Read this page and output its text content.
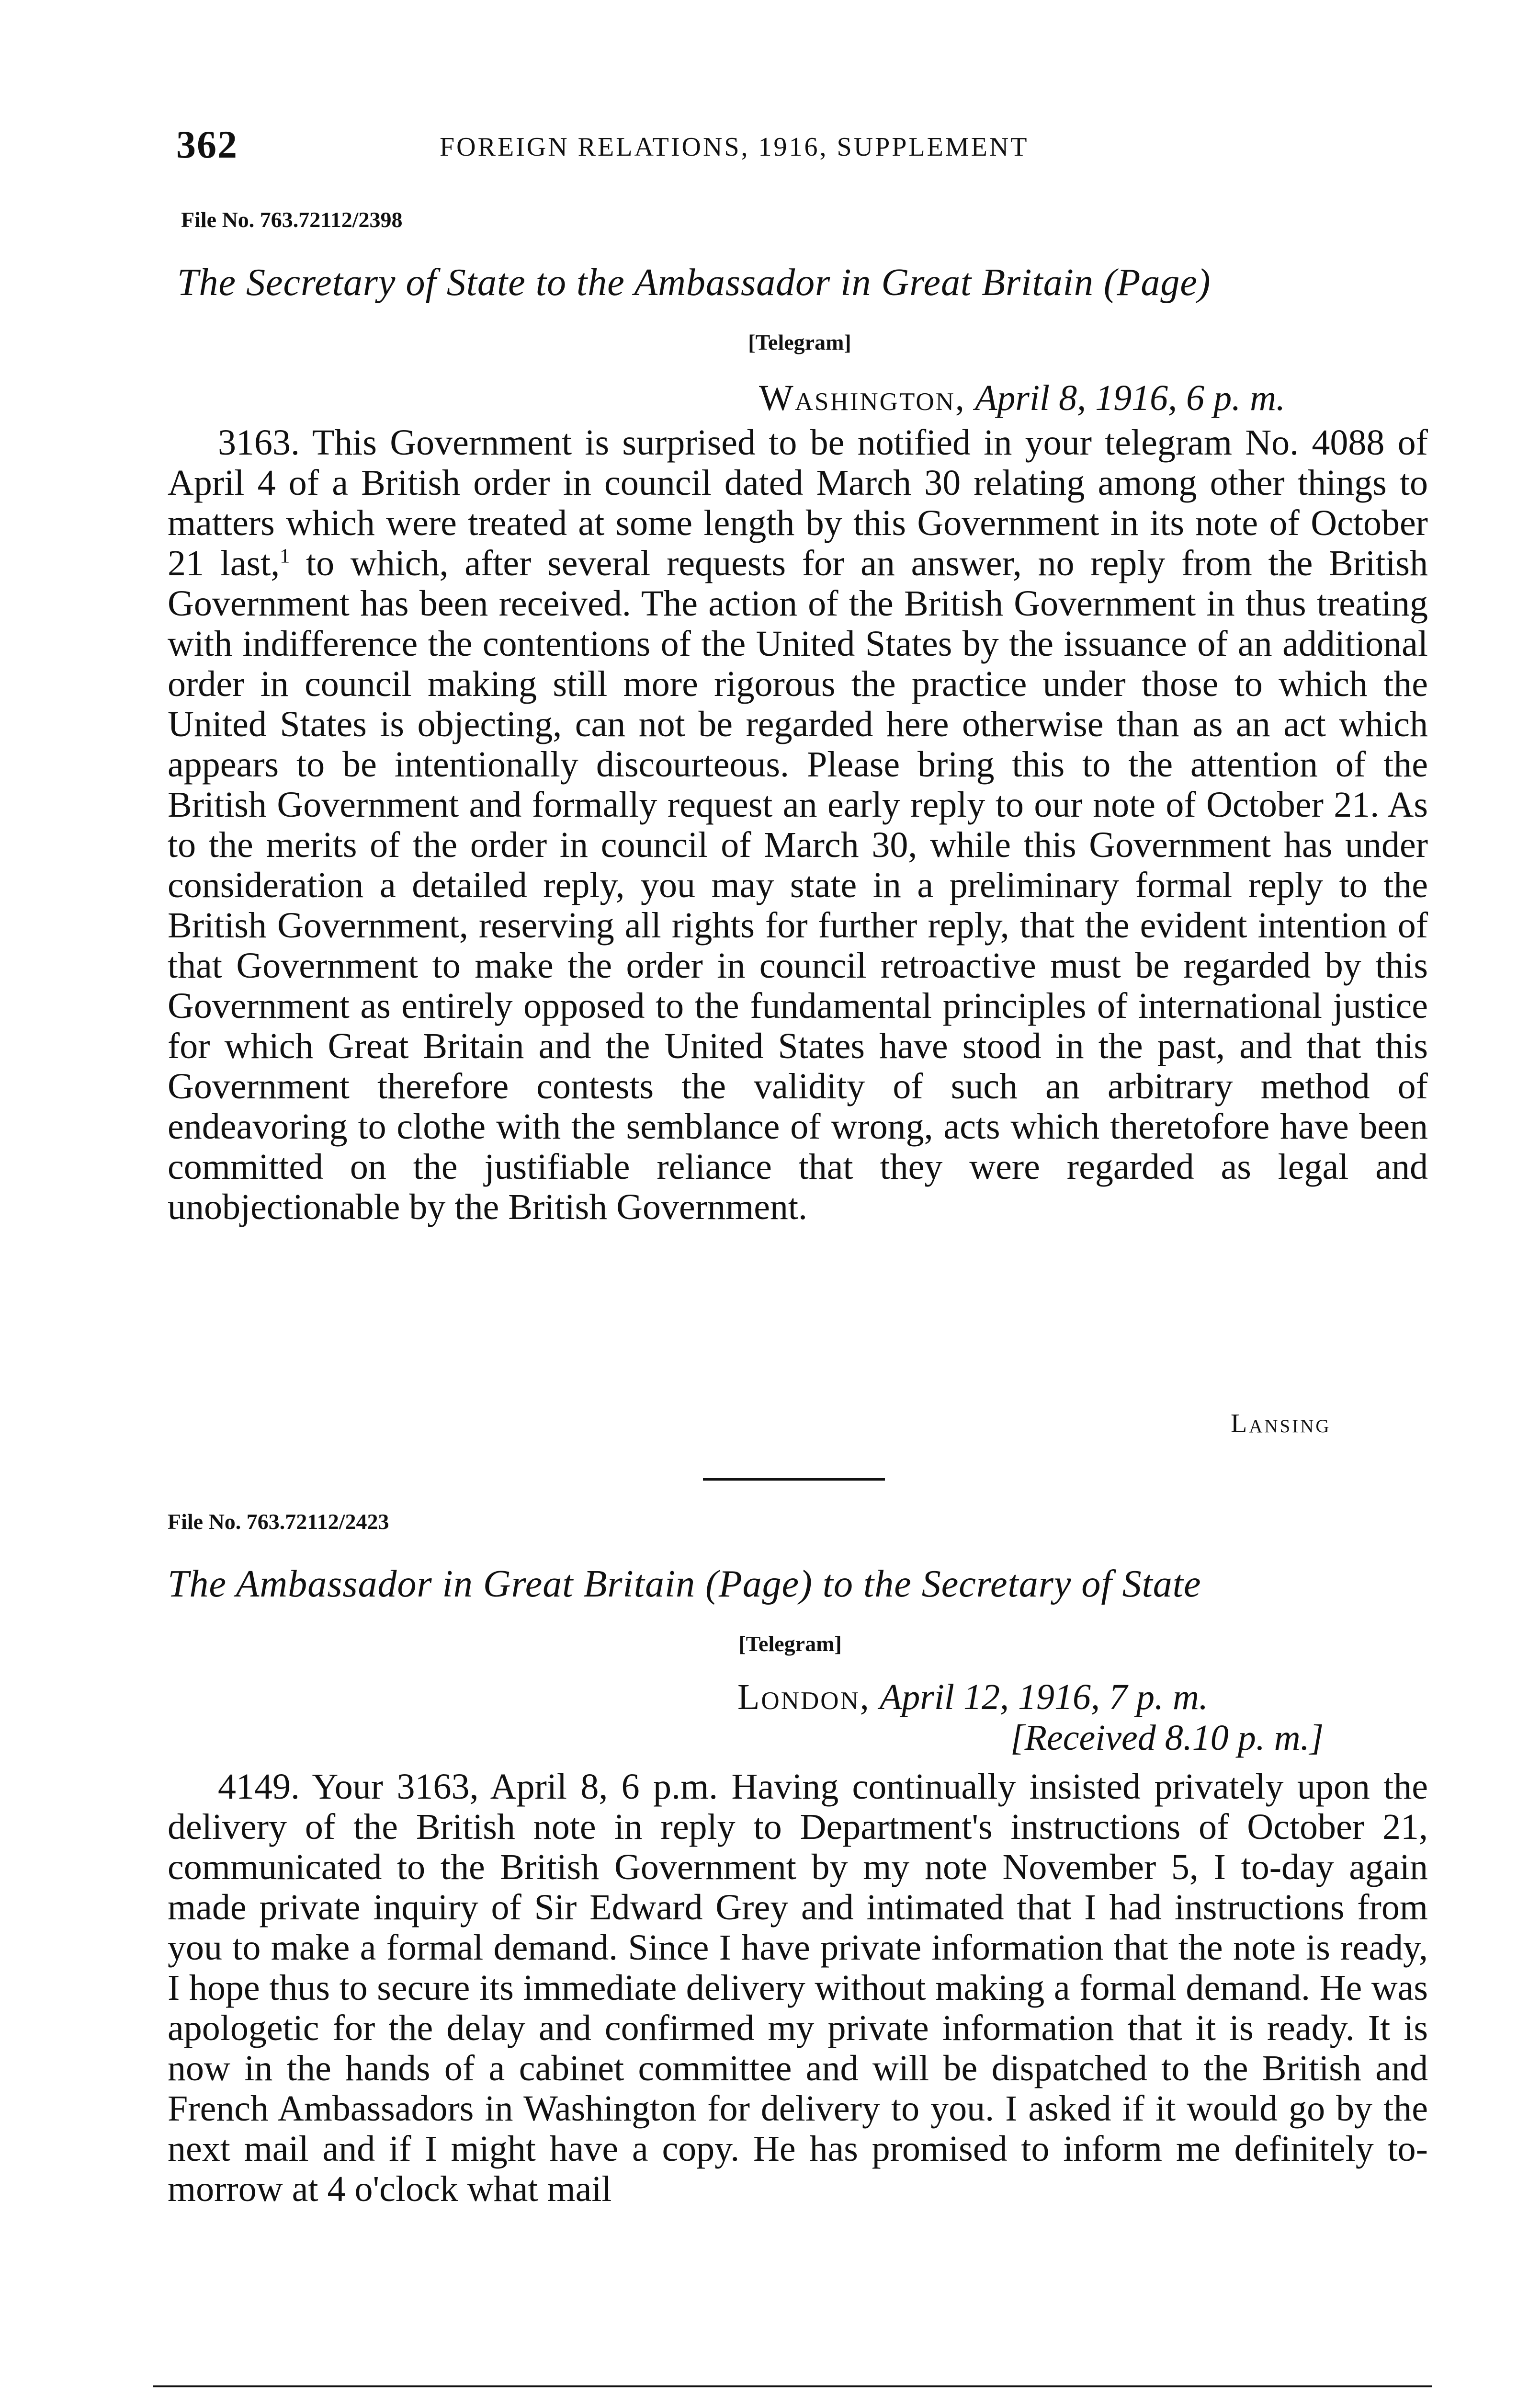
362	FOREIGN RELATIONS, 1916, SUPPLEMENT
File No. 763.72112/2398
The Secretary of State to the Ambassador in Great Britain (Page)
[Telegram]
Washington, April 8, 1916, 6 p. m.

3163. This Government is surprised to be notified in your telegram No. 4088 of April 4 of a British order in council dated March 30 relating among other things to matters which were treated at some length by this Government in its note of October 21 last,$^1$ to which, after several requests for an answer, no reply from the British Government has been received. The action of the British Government in thus treating with indifference the contentions of the United States by the issuance of an additional order in council making still more rigorous the practice under those to which the United States is objecting, can not be regarded here otherwise than as an act which appears to be intentionally discourteous. Please bring this to the attention of the British Government and formally request an early reply to our note of October 21. As to the merits of the order in council of March 30, while this Government has under consideration a detailed reply, you may state in a preliminary formal reply to the British Government, reserving all rights for further reply, that the evident intention of that Government to make the order in council retroactive must be regarded by this Government as entirely opposed to the fundamental principles of international justice for which Great Britain and the United States have stood in the past, and that this Government therefore contests the validity of such an arbitrary method of endeavoring to clothe with the semblance of wrong, acts which theretofore have been committed on the justifiable reliance that they were regarded as legal and unobjectionable by the British Government.

Lansing
File No. 763.72112/2423
The Ambassador in Great Britain (Page) to the Secretary of State
[Telegram]
London, April 12, 1916, 7 p. m.
[Received 8.10 p. m.]

4149. Your 3163, April 8, 6 p.m. Having continually insisted privately upon the delivery of the British note in reply to Department's instructions of October 21, communicated to the British Government by my note November 5, I to-day again made private inquiry of Sir Edward Grey and intimated that I had instructions from you to make a formal demand. Since I have private information that the note is ready, I hope thus to secure its immediate delivery without making a formal demand. He was apologetic for the delay and confirmed my private information that it is ready. It is now in the hands of a cabinet committee and will be dispatched to the British and French Ambassadors in Washington for delivery to you. I asked if it would go by the next mail and if I might have a copy. He has promised to inform me definitely to-morrow at 4 o'clock what mail
